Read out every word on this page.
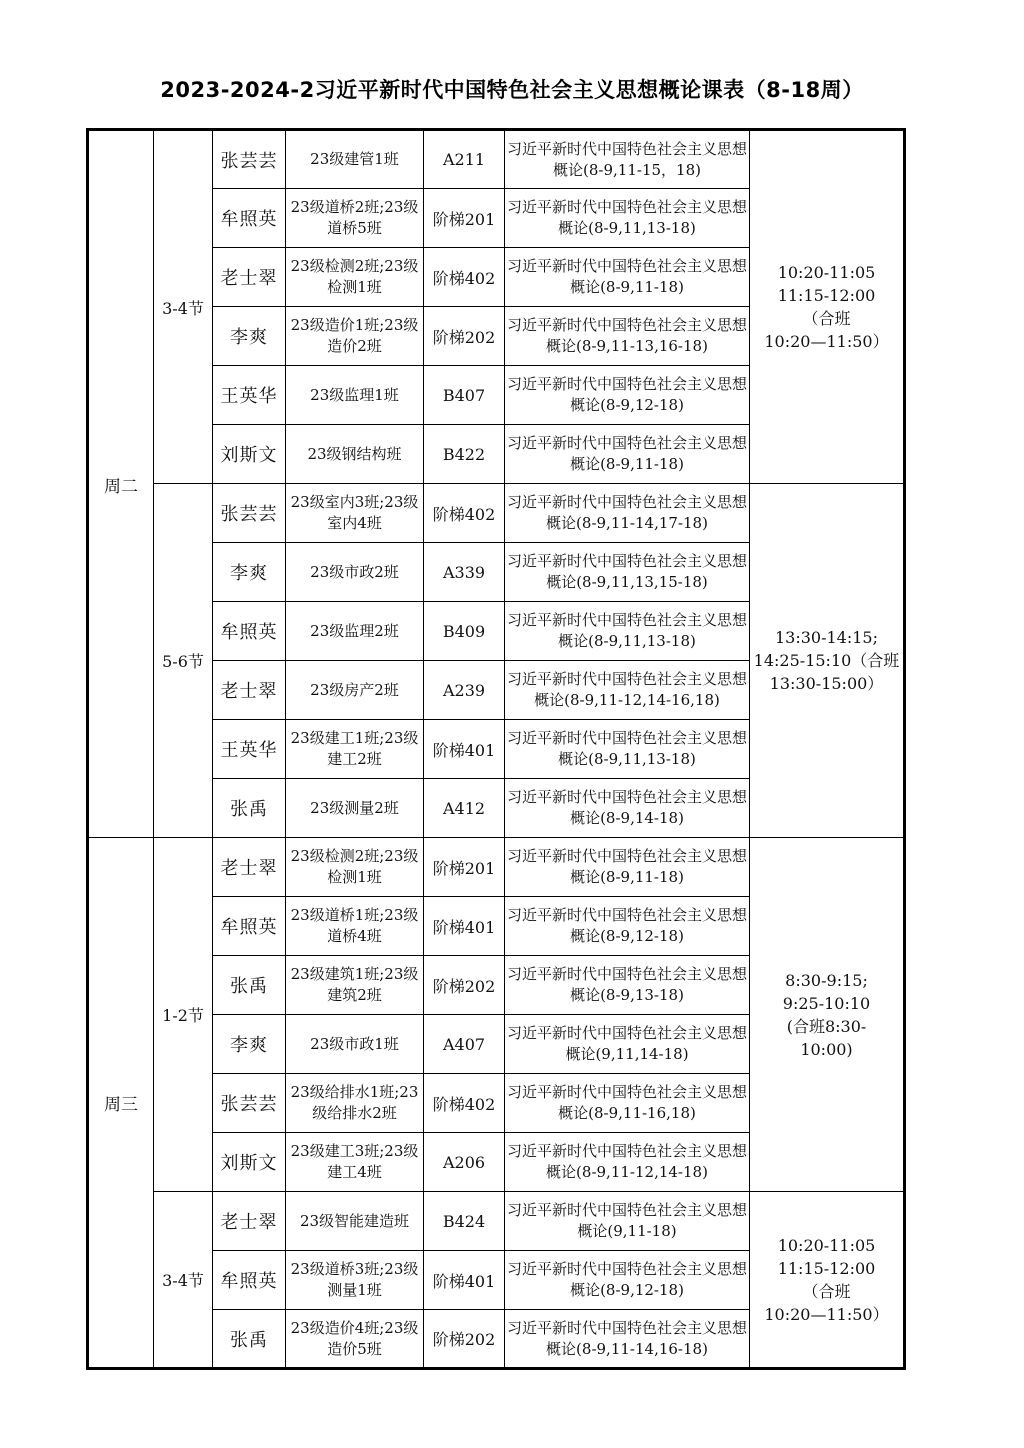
2023-2024-2习近平新时代中国特色社会主义思想概论课表（8-18周）
周二	3-4节	张芸芸	23级建管1班	A211	习近平新时代中国特色社会主义思想概论(8-9,11-15，18)	10:20-11:05
11:15-12:00
（合班
10:20—11:50）

		牟照英	23级道桥2班;23级道桥5班	阶梯201	习近平新时代中国特色社会主义思想概论(8-9,11,13-18)	

		老士翠	23级检测2班;23级检测1班	阶梯402	习近平新时代中国特色社会主义思想概论(8-9,11-18)	

		李爽	23级造价1班;23级造价2班	阶梯202	习近平新时代中国特色社会主义思想概论(8-9,11-13,16-18)	

		王英华	23级监理1班	B407	习近平新时代中国特色社会主义思想概论(8-9,12-18)	

		刘斯文	23级钢结构班	B422	习近平新时代中国特色社会主义思想概论(8-9,11-18)	

	5-6节	张芸芸	23级室内3班;23级室内4班	阶梯402	习近平新时代中国特色社会主义思想概论(8-9,11-14,17-18)	13:30-14:15;
14:25-15:10（合班13:30-15:00）

		李爽	23级市政2班	A339	习近平新时代中国特色社会主义思想概论(8-9,11,13,15-18)	

		牟照英	23级监理2班	B409	习近平新时代中国特色社会主义思想概论(8-9,11,13-18)	

		老士翠	23级房产2班	A239	习近平新时代中国特色社会主义思想概论(8-9,11-12,14-16,18)	

		王英华	23级建工1班;23级建工2班	阶梯401	习近平新时代中国特色社会主义思想概论(8-9,11,13-18)	

		张禹	23级测量2班	A412	习近平新时代中国特色社会主义思想概论(8-9,14-18)	

周三	1-2节	老士翠	23级检测2班;23级检测1班	阶梯201	习近平新时代中国特色社会主义思想概论(8-9,11-18)	8:30-9:15;
9:25-10:10
(合班8:30-
10:00)

		牟照英	23级道桥1班;23级道桥4班	阶梯401	习近平新时代中国特色社会主义思想概论(8-9,12-18)	

		张禹	23级建筑1班;23级建筑2班	阶梯202	习近平新时代中国特色社会主义思想概论(8-9,13-18)	

		李爽	23级市政1班	A407	习近平新时代中国特色社会主义思想概论(9,11,14-18)	

		张芸芸	23级给排水1班;23级给排水2班	阶梯402	习近平新时代中国特色社会主义思想概论(8-9,11-16,18)	

		刘斯文	23级建工3班;23级建工4班	A206	习近平新时代中国特色社会主义思想概论(8-9,11-12,14-18)	

	3-4节	老士翠	23级智能建造班	B424	习近平新时代中国特色社会主义思想概论(9,11-18)	10:20-11:05
11:15-12:00
（合班
10:20—11:50）

		牟照英	23级道桥3班;23级测量1班	阶梯401	习近平新时代中国特色社会主义思想概论(8-9,12-18)	

		张禹	23级造价4班;23级造价5班	阶梯202	习近平新时代中国特色社会主义思想概论(8-9,11-14,16-18)	
